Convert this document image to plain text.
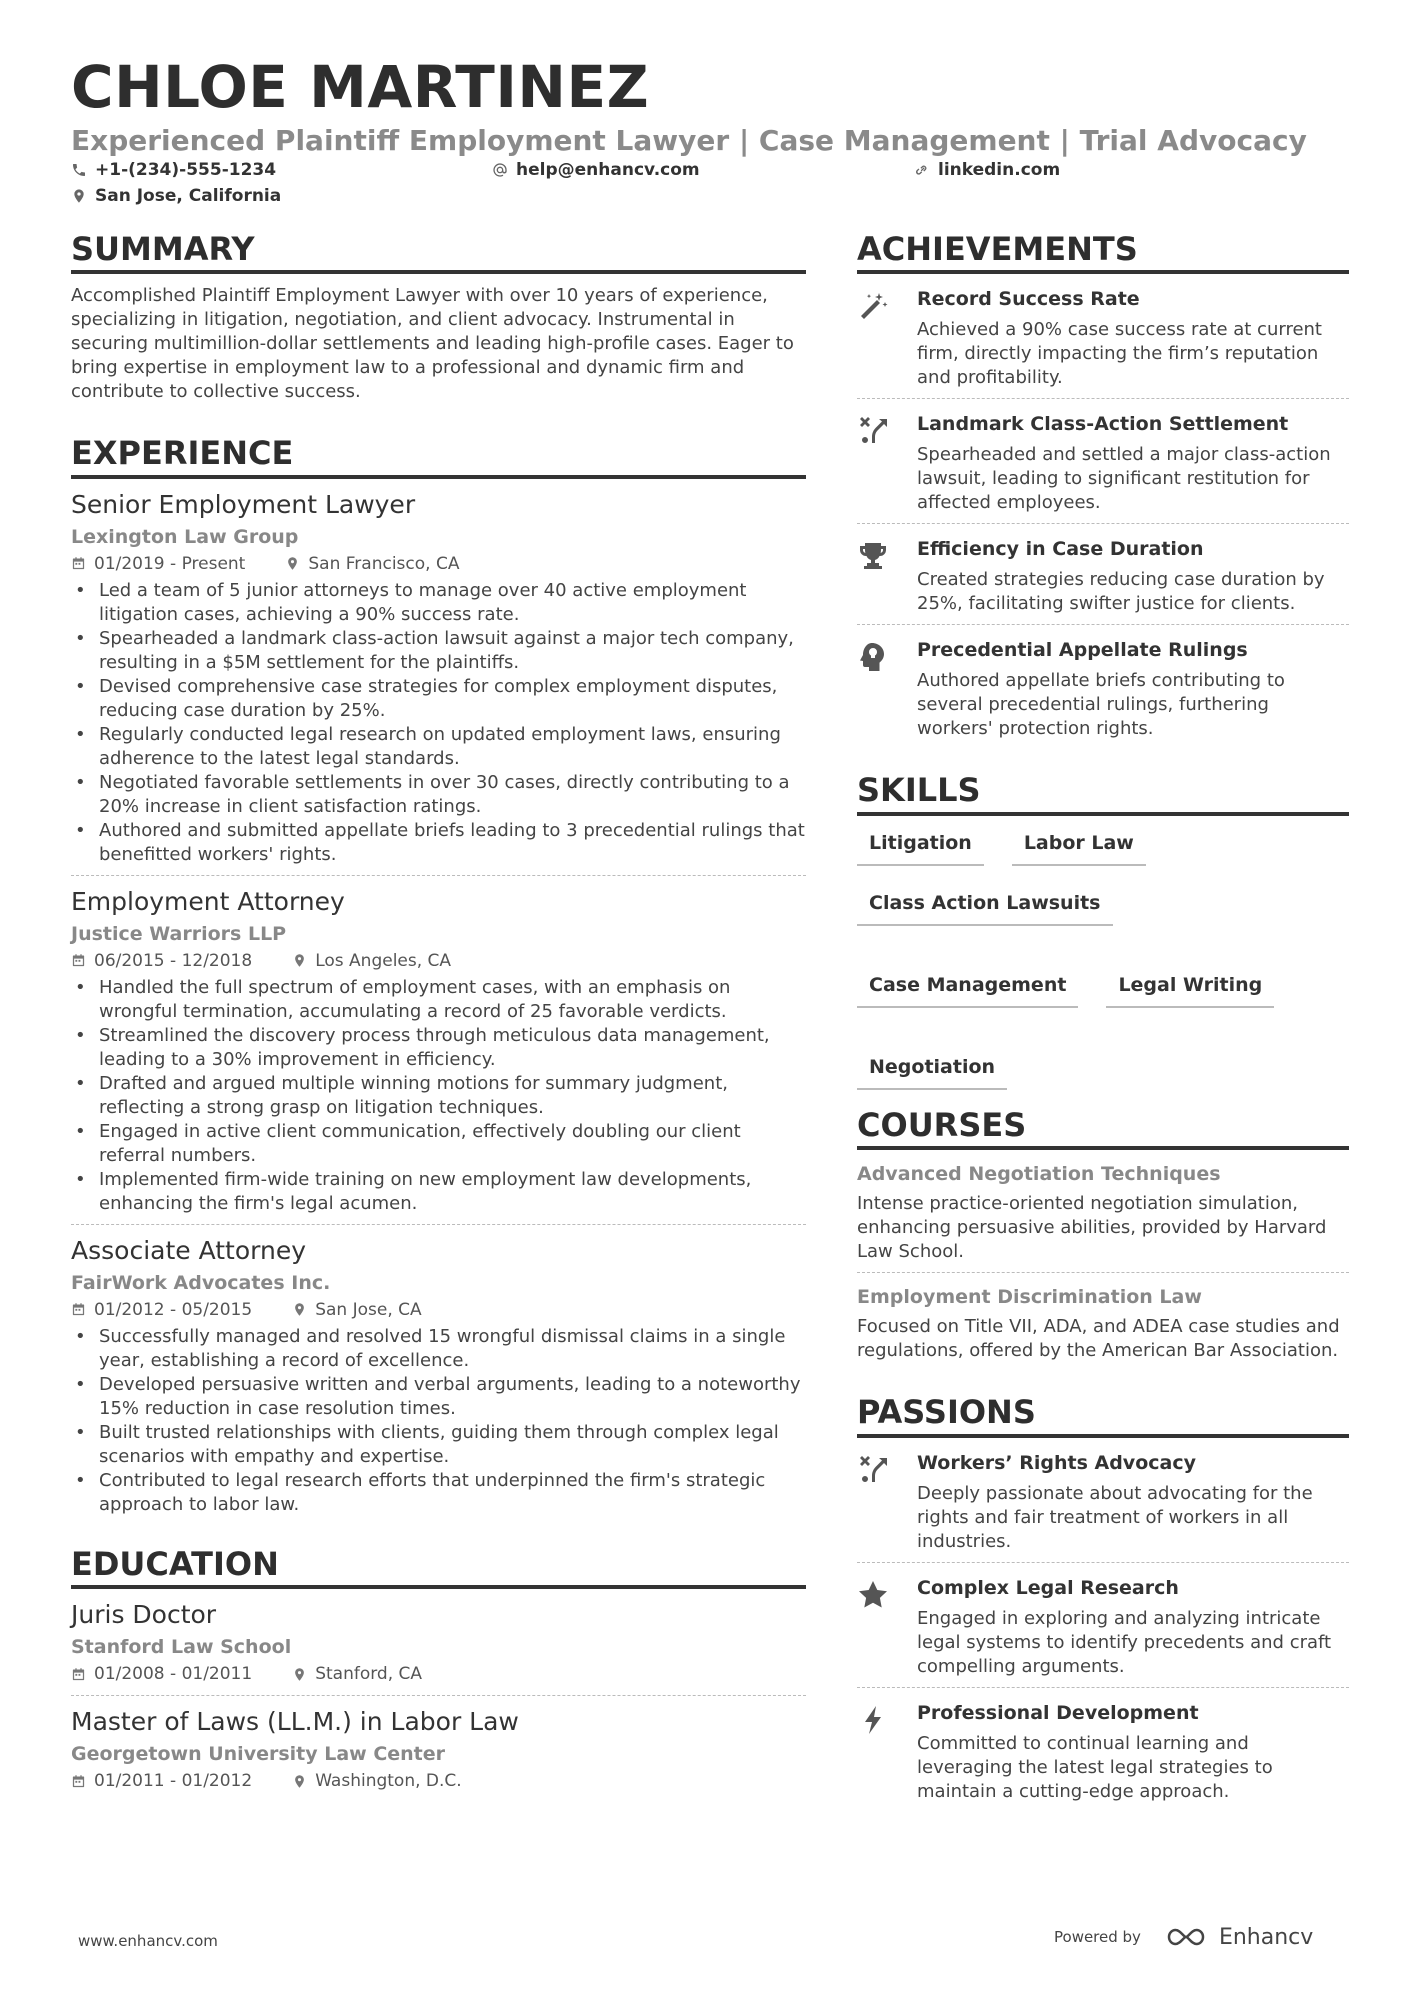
CHLOE MARTINEZ
Experienced Plaintiff Employment Lawyer | Case Management | Trial Advocacy
+1-(234)-555-1234	help@enhancv.com	linkedin.com
San Jose, California
SUMMARY
Accomplished Plaintiff Employment Lawyer with over 10 years of experience, specializing in litigation, negotiation, and client advocacy. Instrumental in securing multimillion-dollar settlements and leading high-profile cases. Eager to bring expertise in employment law to a professional and dynamic firm and contribute to collective success.
EXPERIENCE
Senior Employment Lawyer
Lexington Law Group
01/2019 - Present	San Francisco, CA
• Led a team of 5 junior attorneys to manage over 40 active employment litigation cases, achieving a 90% success rate.
• Spearheaded a landmark class-action lawsuit against a major tech company, resulting in a $5M settlement for the plaintiffs.
• Devised comprehensive case strategies for complex employment disputes, reducing case duration by 25%.
• Regularly conducted legal research on updated employment laws, ensuring adherence to the latest legal standards.
• Negotiated favorable settlements in over 30 cases, directly contributing to a 20% increase in client satisfaction ratings.
• Authored and submitted appellate briefs leading to 3 precedential rulings that benefitted workers' rights.
Employment Attorney
Justice Warriors LLP
06/2015 - 12/2018	Los Angeles, CA
• Handled the full spectrum of employment cases, with an emphasis on wrongful termination, accumulating a record of 25 favorable verdicts.
• Streamlined the discovery process through meticulous data management, leading to a 30% improvement in efficiency.
• Drafted and argued multiple winning motions for summary judgment, reflecting a strong grasp on litigation techniques.
• Engaged in active client communication, effectively doubling our client referral numbers.
• Implemented firm-wide training on new employment law developments, enhancing the firm's legal acumen.
Associate Attorney
FairWork Advocates Inc.
01/2012 - 05/2015	San Jose, CA
• Successfully managed and resolved 15 wrongful dismissal claims in a single year, establishing a record of excellence.
• Developed persuasive written and verbal arguments, leading to a noteworthy 15% reduction in case resolution times.
• Built trusted relationships with clients, guiding them through complex legal scenarios with empathy and expertise.
• Contributed to legal research efforts that underpinned the firm's strategic approach to labor law.
EDUCATION
Juris Doctor
Stanford Law School
01/2008 - 01/2011	Stanford, CA
Master of Laws (LL.M.) in Labor Law
Georgetown University Law Center
01/2011 - 01/2012	Washington, D.C.
ACHIEVEMENTS
Record Success Rate
Achieved a 90% case success rate at current firm, directly impacting the firm’s reputation and profitability.
Landmark Class-Action Settlement
Spearheaded and settled a major class-action lawsuit, leading to significant restitution for affected employees.
Efficiency in Case Duration
Created strategies reducing case duration by 25%, facilitating swifter justice for clients.
Precedential Appellate Rulings
Authored appellate briefs contributing to several precedential rulings, furthering workers' protection rights.
SKILLS
Litigation	Labor Law
Class Action Lawsuits
Case Management	Legal Writing
Negotiation
COURSES
Advanced Negotiation Techniques
Intense practice-oriented negotiation simulation, enhancing persuasive abilities, provided by Harvard Law School.
Employment Discrimination Law
Focused on Title VII, ADA, and ADEA case studies and regulations, offered by the American Bar Association.
PASSIONS
Workers’ Rights Advocacy
Deeply passionate about advocating for the rights and fair treatment of workers in all industries.
Complex Legal Research
Engaged in exploring and analyzing intricate legal systems to identify precedents and craft compelling arguments.
Professional Development
Committed to continual learning and leveraging the latest legal strategies to maintain a cutting-edge approach.
www.enhancv.com	Powered by	Enhancv
